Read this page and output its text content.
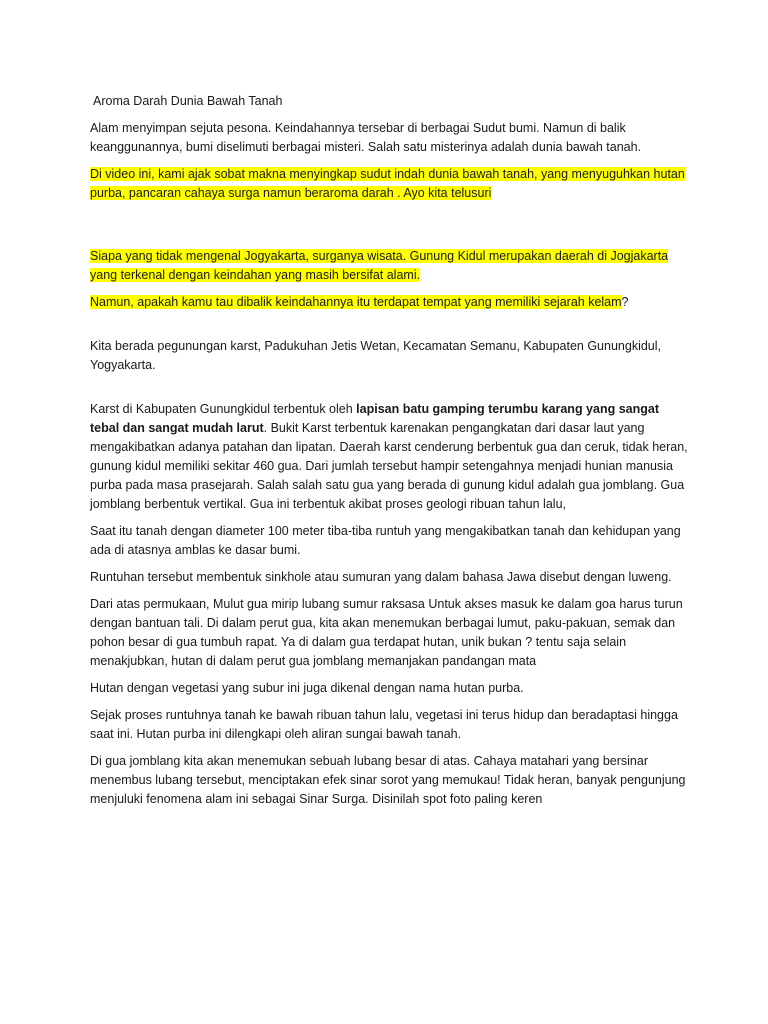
Aroma Darah Dunia Bawah Tanah

Alam menyimpan sejuta pesona. Keindahannya tersebar di berbagai Sudut bumi. Namun di balik keanggunannya, bumi diselimuti berbagai misteri. Salah satu misterinya adalah dunia bawah tanah.

Di video ini, kami ajak sobat makna menyingkap sudut indah dunia bawah tanah, yang menyuguhkan hutan purba, pancaran cahaya surga namun beraroma darah . Ayo kita telusuri

Siapa yang tidak mengenal Jogyakarta, surganya wisata. Gunung Kidul merupakan daerah di Jogjakarta yang terkenal dengan keindahan yang masih bersifat alami.

Namun, apakah kamu tau dibalik keindahannya itu terdapat tempat yang memiliki sejarah kelam?

Kita berada pegunungan karst, Padukuhan Jetis Wetan, Kecamatan Semanu, Kabupaten Gunungkidul, Yogyakarta.

Karst di Kabupaten Gunungkidul terbentuk oleh lapisan batu gamping terumbu karang yang sangat tebal dan sangat mudah larut. Bukit Karst terbentuk karenakan pengangkatan dari dasar laut yang mengakibatkan adanya patahan dan lipatan. Daerah karst cenderung berbentuk gua dan ceruk, tidak heran, gunung kidul memiliki sekitar 460 gua. Dari jumlah tersebut hampir setengahnya menjadi hunian manusia purba pada masa prasejarah. Salah salah satu gua yang berada di gunung kidul adalah gua jomblang. Gua jomblang berbentuk vertikal. Gua ini terbentuk akibat proses geologi ribuan tahun lalu,

Saat itu tanah dengan diameter 100 meter tiba-tiba runtuh yang mengakibatkan tanah dan kehidupan yang ada di atasnya amblas ke dasar bumi.

Runtuhan tersebut membentuk sinkhole atau sumuran yang dalam bahasa Jawa disebut dengan luweng.

Dari atas permukaan, Mulut gua mirip lubang sumur raksasa Untuk akses masuk ke dalam goa harus turun dengan bantuan tali. Di dalam perut gua, kita akan menemukan berbagai lumut, paku-pakuan, semak dan pohon besar di gua tumbuh rapat. Ya di dalam gua terdapat hutan, unik bukan ? tentu saja selain menakjubkan, hutan di dalam perut gua jomblang memanjakan pandangan mata

Hutan dengan vegetasi yang subur ini juga dikenal dengan nama hutan purba.

Sejak proses runtuhnya tanah ke bawah ribuan tahun lalu, vegetasi ini terus hidup dan beradaptasi hingga saat ini. Hutan purba ini dilengkapi oleh aliran sungai bawah tanah.

Di gua jomblang kita akan menemukan sebuah lubang besar di atas. Cahaya matahari yang bersinar menembus lubang tersebut, menciptakan efek sinar sorot yang memukau! Tidak heran, banyak pengunjung menjuluki fenomena alam ini sebagai Sinar Surga. Disinilah spot foto paling keren
